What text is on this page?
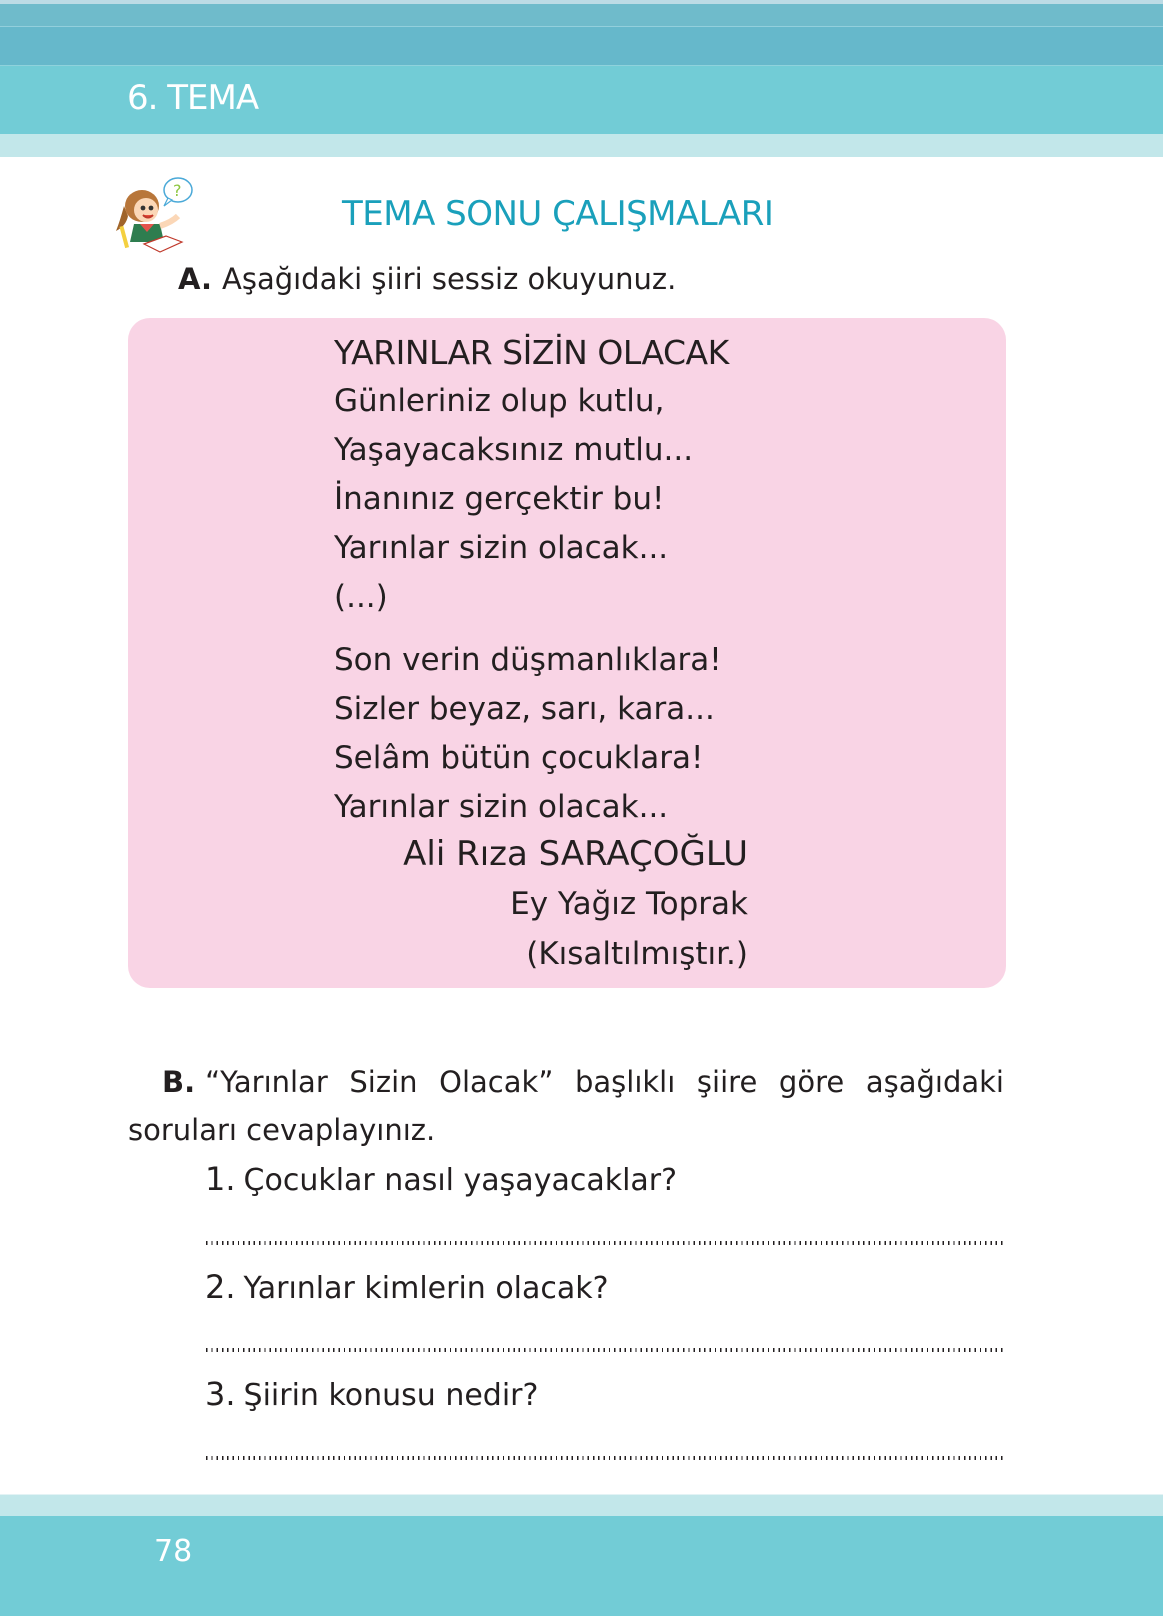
6. TEMA
?
TEMA SONU ÇALIŞMALARI
A. Aşağıdaki şiiri sessiz okuyunuz.
YARINLAR SİZİN OLACAK
Günleriniz olup kutlu,
Yaşayacaksınız mutlu...
İnanınız gerçektir bu!
Yarınlar sizin olacak...
(...)
Son verin düşmanlıklara!
Sizler beyaz, sarı, kara...
Selâm bütün çocuklara!
Yarınlar sizin olacak...
Ali Rıza SARAÇOĞLU
Ey Yağız Toprak
(Kısaltılmıştır.)
B. “Yarınlar Sizin Olacak” başlıklı şiire göre aşağıdaki soruları cevaplayınız.
1. Çocuklar nasıl yaşayacaklar?
2. Yarınlar kimlerin olacak?
3. Şiirin konusu nedir?
78
